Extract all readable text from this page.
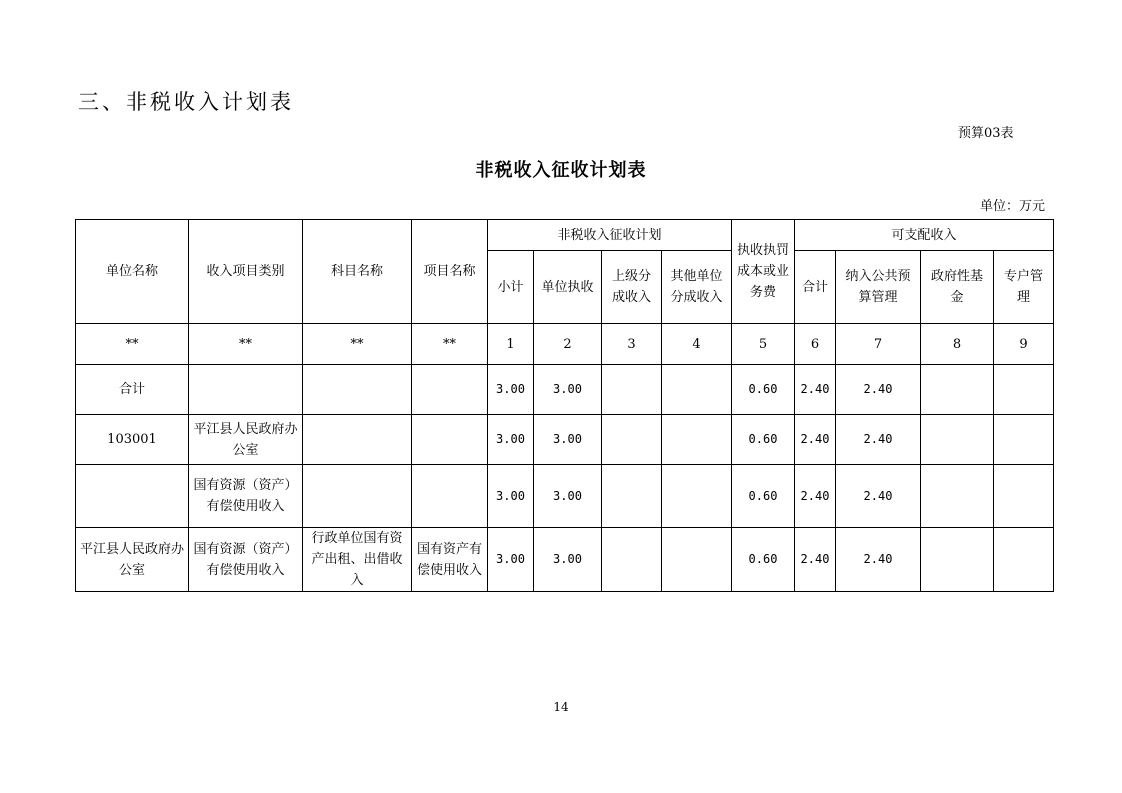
三、非税收入计划表
预算03表
非税收入征收计划表
单位：万元
单位名称	收入项目类别	科目名称	项目名称	非税收入征收计划				执收执罚成本或业务费	可支配收入			
				小计	单位执收	上级分成收入	其他单位分成收入		合计	纳入公共预算管理	政府性基金	专户管理
**	**	**	**	1	2	3	4	5	6	7	8	9
合计				3.00	3.00			0.60	2.40	2.40		
103001	平江县人民政府办公室			3.00	3.00			0.60	2.40	2.40		
	国有资源（资产）有偿使用收入			3.00	3.00			0.60	2.40	2.40		
平江县人民政府办公室	国有资源（资产）有偿使用收入	行政单位国有资产出租、出借收入	国有资产有偿使用收入	3.00	3.00			0.60	2.40	2.40		
14
